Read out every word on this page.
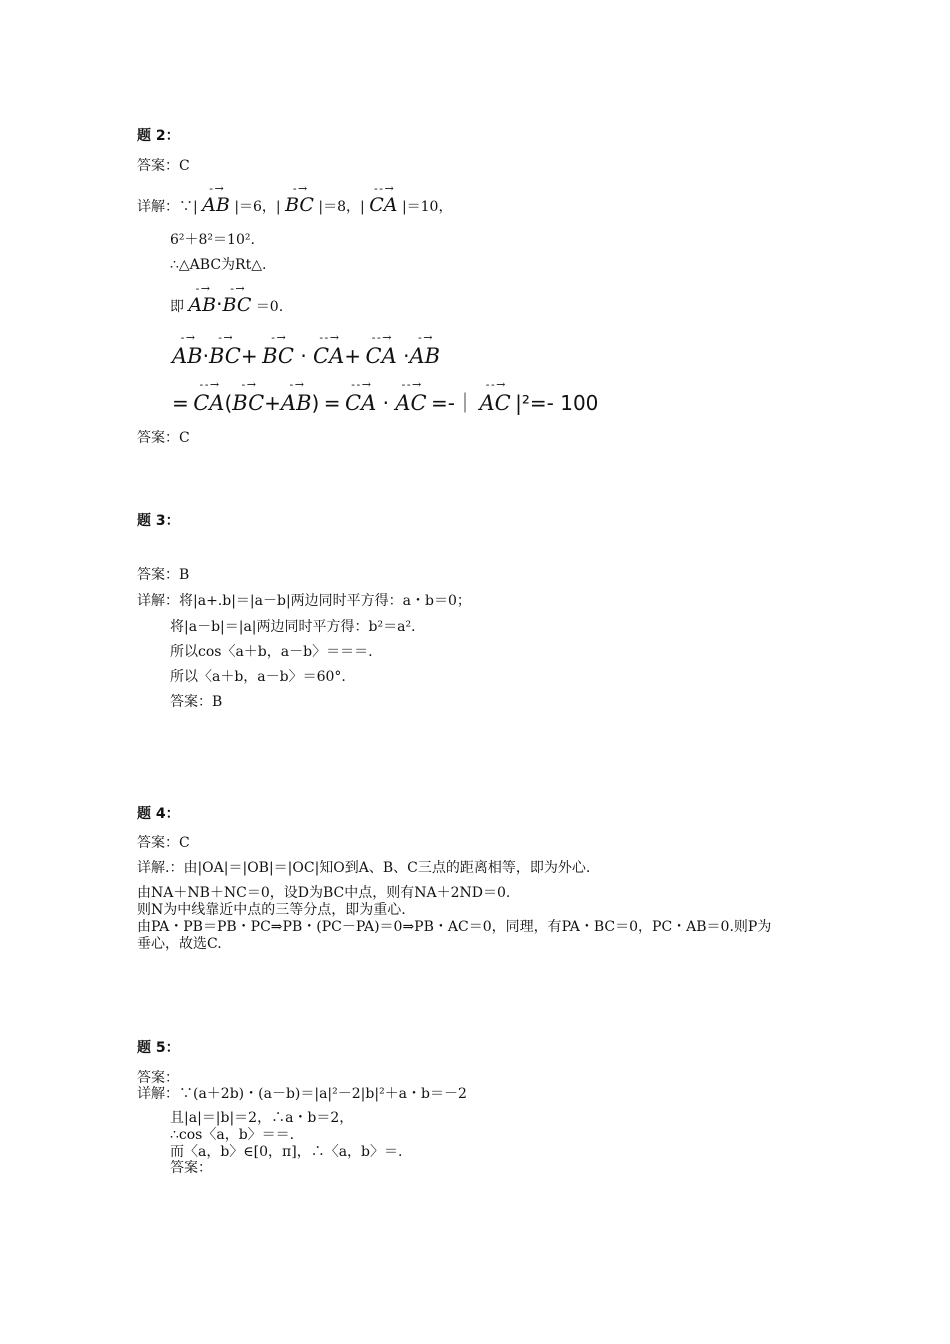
题 2：
答案：C
详解：∵|
- →
AB |＝6，|
- →
BC |＝8，|
- - →
CA |＝10，
6²＋8²＝10².
∴△ABC为Rt△.
即
- →
AB·
- →
BC ＝0.
- →
AB·
- →
BC+
- →
BC ·
- - →
CA+
- - →
CA ·
- →
AB
=
- - →
CA(
- →
BC+
- →
AB) =
- - →
CA ·
- - →
AC =-｜
- - →
AC |²=- 100
答案：C
题 3：
答案：B
详解：将|a+.b|＝|a－b|两边同时平方得：a・b＝0；
将|a－b|＝|a|两边同时平方得：b²＝a².
所以cos〈a＋b，a－b〉＝＝＝.
所以〈a＋b，a－b〉＝60°.
答案：B
题 4：
答案：C
详解.：由|OA|＝|OB|＝|OC|知O到A、B、C三点的距离相等，即为外心.
由NA＋NB＋NC＝0，设D为BC中点，则有NA＋2ND＝0.
则N为中线靠近中点的三等分点，即为重心.
由PA・PB＝PB・PC⇒PB・(PC－PA)＝0⇒PB・AC＝0，同理，有PA・BC＝0，PC・AB＝0.则P为
垂心，故选C.
题 5：
答案：
详解：∵(a＋2b)・(a－b)＝|a|²－2|b|²＋a・b＝－2
且|a|＝|b|＝2，∴a・b＝2，
∴cos〈a，b〉＝＝.
而〈a，b〉∈[0，π]，∴〈a，b〉＝.
答案：
